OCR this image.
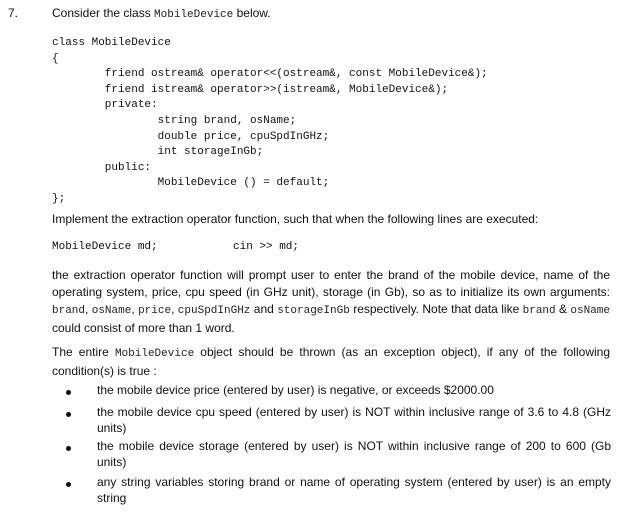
7.	Consider the class MobileDevice below.
class MobileDevice
{
friend ostream& operator<<(ostream&, const MobileDevice&);
friend istream& operator>>(istream&, MobileDevice&);
private:
string brand, osName;
double price, cpuSpdInGHz;
int storageInGb;
public:
MobileDevice () = default;
};
Implement the extraction operator function, such that when the following lines are executed:
MobileDevice md;	cin >> md;
the extraction operator function will prompt user to enter the brand of the mobile device, name of the operating system, price, cpu speed (in GHz unit), storage (in Gb), so as to initialize its own arguments: brand, osName, price, cpuSpdInGHz and storageInGb respectively. Note that data like brand & osName could consist of more than 1 word.
The entire MobileDevice object should be thrown (as an exception object), if any of the following condition(s) is true :
the mobile device price (entered by user) is negative, or exceeds $2000.00
the mobile device cpu speed (entered by user) is NOT within inclusive range of 3.6 to 4.8 (GHz units)
the mobile device storage (entered by user) is NOT within inclusive range of 200 to 600 (Gb units)
any string variables storing brand or name of operating system (entered by user) is an empty string
